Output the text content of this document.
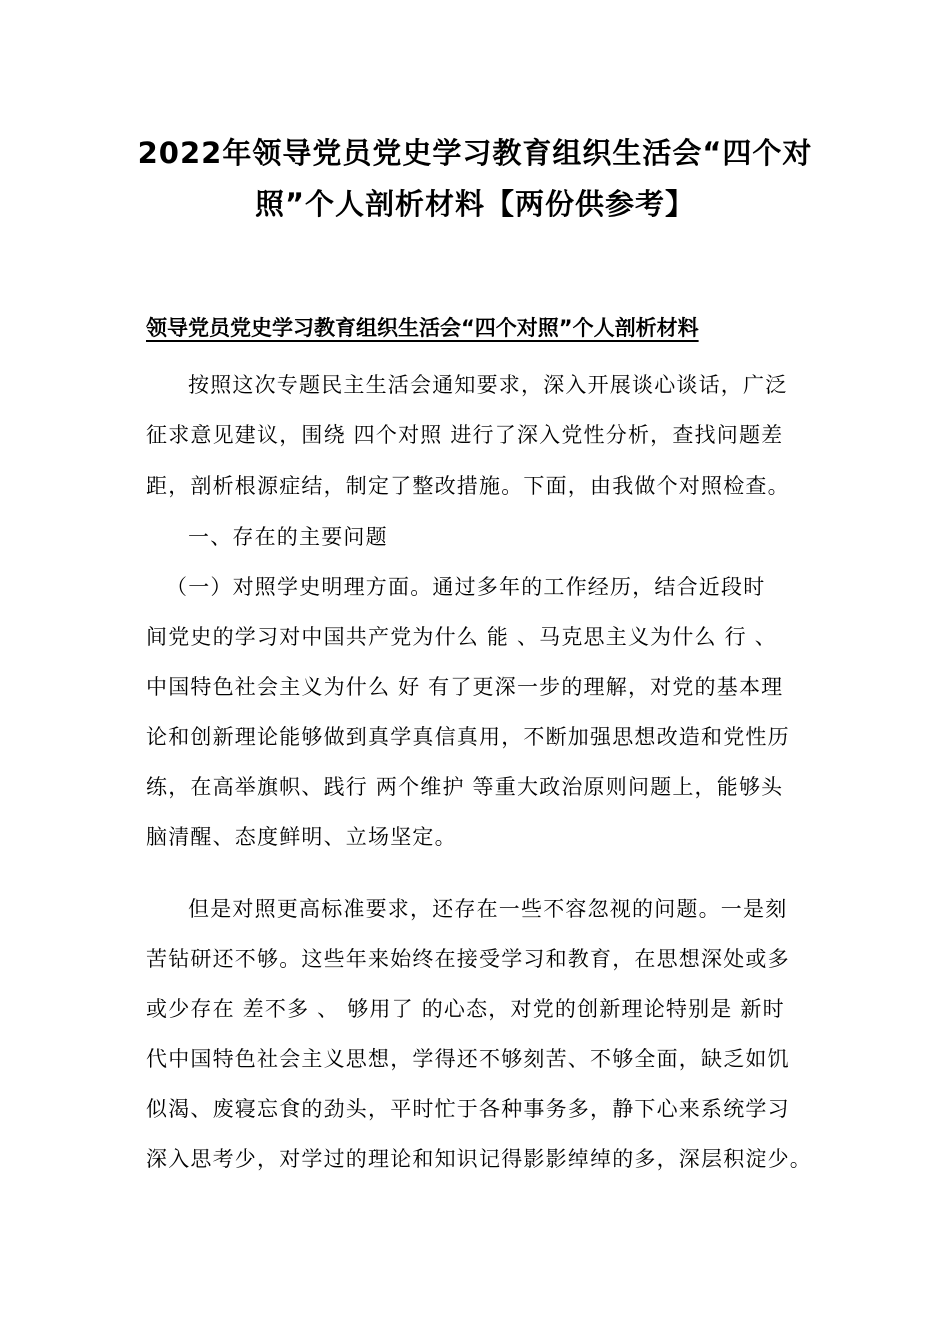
2022年领导党员党史学习教育组织生活会“四个对
照”个人剖析材料【两份供参考】
领导党员党史学习教育组织生活会“四个对照”个人剖析材料
按照这次专题民主生活会通知要求，深入开展谈心谈话，广泛
征求意见建议，围绕 四个对照 进行了深入党性分析，查找问题差
距，剖析根源症结，制定了整改措施。下面，由我做个对照检查。
一、存在的主要问题
（一）对照学史明理方面。通过多年的工作经历，结合近段时
间党史的学习对中国共产党为什么 能 、马克思主义为什么 行 、
中国特色社会主义为什么 好 有了更深一步的理解，对党的基本理
论和创新理论能够做到真学真信真用，不断加强思想改造和党性历
练，在高举旗帜、践行 两个维护 等重大政治原则问题上，能够头
脑清醒、态度鲜明、立场坚定。
但是对照更高标准要求，还存在一些不容忽视的问题。一是刻
苦钻研还不够。这些年来始终在接受学习和教育，在思想深处或多
或少存在 差不多 、 够用了 的心态，对党的创新理论特别是 新时
代中国特色社会主义思想，学得还不够刻苦、不够全面，缺乏如饥
似渴、废寝忘食的劲头，平时忙于各种事务多，静下心来系统学习
深入思考少，对学过的理论和知识记得影影绰绰的多，深层积淀少。
